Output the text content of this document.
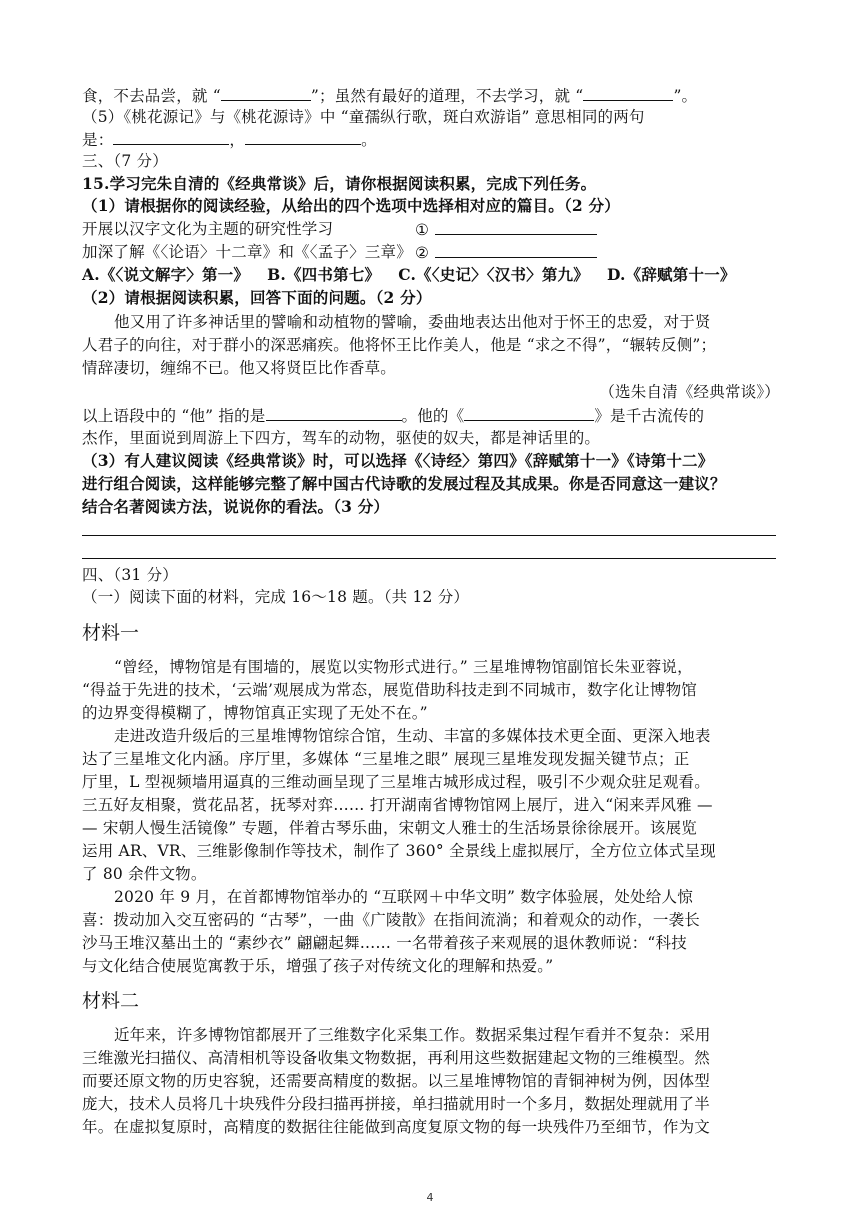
食，不去品尝，就 “	”；虽然有最好的道理，不去学习，就 “	”。
（5）《桃花源记》与《桃花源诗》中 “童孺纵行歌，斑白欢游诣” 意思相同的两句
是：	，	。
三、（7 分）
15.学习完朱自清的《经典常谈》后，请你根据阅读积累，完成下列任务。
（1）请根据你的阅读经验，从给出的四个选项中选择相对应的篇目。（2 分）
开展以汉字文化为主题的研究性学习	①
加深了解《〈论语〉十二章》和《〈孟子〉三章》 ②
A.《〈说文解字〉第一》 B.《四书第七》 C.《〈史记〉〈汉书〉第九》 D.《辞赋第十一》
（2）请根据阅读积累，回答下面的问题。（2 分）
他又用了许多神话里的譬喻和动植物的譬喻，委曲地表达出他对于怀王的忠爱，对于贤
人君子的向往，对于群小的深恶痛疾。他将怀王比作美人，他是 “求之不得”，“辗转反侧”；
情辞凄切，缠绵不已。他又将贤臣比作香草。
（选朱自清《经典常谈》）
以上语段中的 “他” 指的是	。他的《	》是千古流传的
杰作，里面说到周游上下四方，驾车的动物，驱使的奴夫，都是神话里的。
（3）有人建议阅读《经典常谈》时，可以选择《〈诗经〉第四》《辞赋第十一》《诗第十二》
进行组合阅读，这样能够完整了解中国古代诗歌的发展过程及其成果。你是否同意这一建议？
结合名著阅读方法，说说你的看法。（3 分）
四、（31 分）
（一）阅读下面的材料，完成 16～18 题。（共 12 分）
材料一
“曾经，博物馆是有围墙的，展览以实物形式进行。” 三星堆博物馆副馆长朱亚蓉说，
“得益于先进的技术，‘云端’观展成为常态，展览借助科技走到不同城市，数字化让博物馆
的边界变得模糊了，博物馆真正实现了无处不在。”
走进改造升级后的三星堆博物馆综合馆，生动、丰富的多媒体技术更全面、更深入地表
达了三星堆文化内涵。序厅里，多媒体 “三星堆之眼” 展现三星堆发现发掘关键节点；正
厅里，L 型视频墙用逼真的三维动画呈现了三星堆古城形成过程，吸引不少观众驻足观看。
三五好友相聚，赏花品茗，抚琴对弈…… 打开湖南省博物馆网上展厅，进入“闲来弄风雅 —
— 宋朝人慢生活镜像” 专题，伴着古琴乐曲，宋朝文人雅士的生活场景徐徐展开。该展览
运用 AR、VR、三维影像制作等技术，制作了 360° 全景线上虚拟展厅，全方位立体式呈现
了 80 余件文物。
2020 年 9 月，在首都博物馆举办的 “互联网＋中华文明” 数字体验展，处处给人惊
喜：拨动加入交互密码的 “古琴”，一曲《广陵散》在指间流淌；和着观众的动作，一袭长
沙马王堆汉墓出土的 “素纱衣” 翩翩起舞…… 一名带着孩子来观展的退休教师说：“科技
与文化结合使展览寓教于乐，增强了孩子对传统文化的理解和热爱。”
材料二
近年来，许多博物馆都展开了三维数字化采集工作。数据采集过程乍看并不复杂：采用
三维激光扫描仪、高清相机等设备收集文物数据，再利用这些数据建起文物的三维模型。然
而要还原文物的历史容貌，还需要高精度的数据。以三星堆博物馆的青铜神树为例，因体型
庞大，技术人员将几十块残件分段扫描再拼接，单扫描就用时一个多月，数据处理就用了半
年。在虚拟复原时，高精度的数据往往能做到高度复原文物的每一块残件乃至细节，作为文
4
